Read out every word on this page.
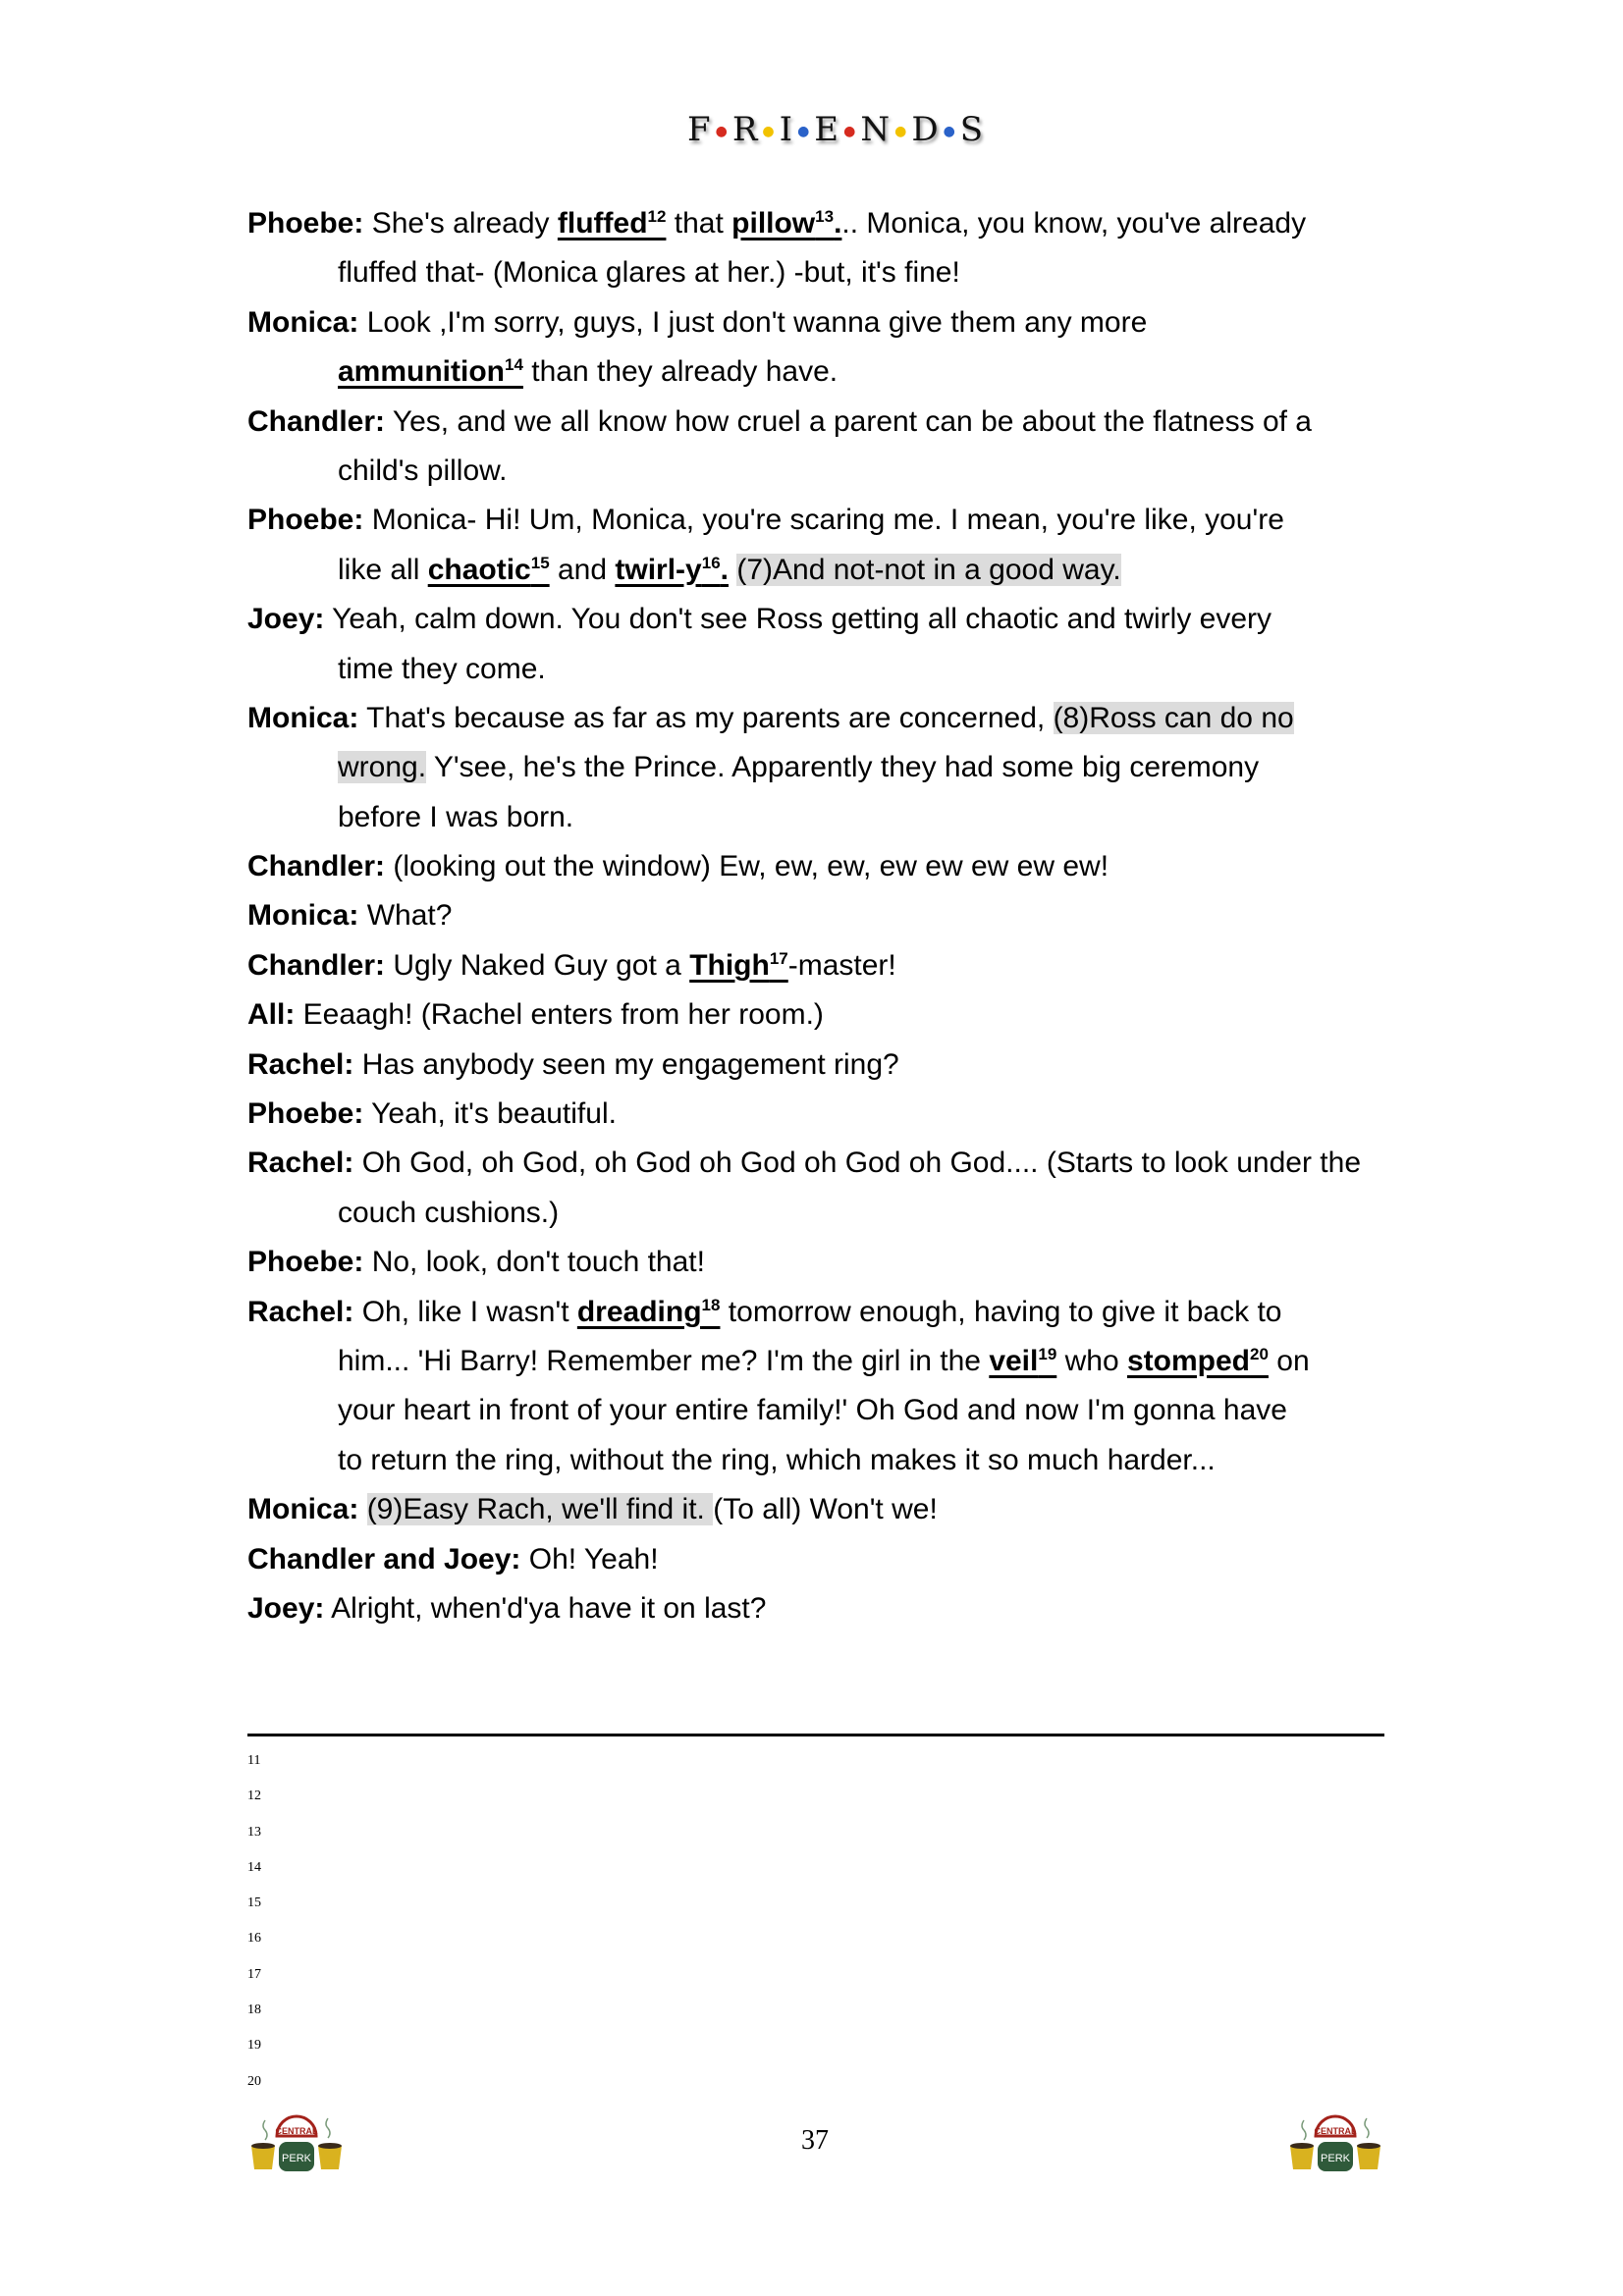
F ●R ●I ●E ●N ●D ●S
Phoebe: She's already fluffed$^{12}$ that pillow$^{13}$... Monica, you know, you've already
fluffed that- (Monica glares at her.) -but, it's fine!
Monica: Look ,I'm sorry, guys, I just don't wanna give them any more
ammunition$^{14}$ than they already have.
Chandler: Yes, and we all know how cruel a parent can be about the flatness of a
child's pillow.
Phoebe: Monica- Hi! Um, Monica, you're scaring me. I mean, you're like, you're
like all chaotic$^{15}$ and twirl-$y^{16}$. (7)And not-not in a good way.
Joey: Yeah, calm down. You don't see Ross getting all chaotic and twirly every
time they come.
Monica: That's because as far as my parents are concerned, (8)Ross can do no
wrong. Y'see, he's the Prince. Apparently they had some big ceremony
before I was born.
Chandler: (looking out the window) Ew, ew, ew, ew ew ew ew ew!
Monica: What?
Chandler: Ugly Naked Guy got a Thigh$^{17}$-master!
All: Eeaagh! (Rachel enters from her room.)
Rachel: Has anybody seen my engagement ring?
Phoebe: Yeah, it's beautiful.
Rachel: Oh God, oh God, oh God oh God oh God oh God.... (Starts to look under the
couch cushions.)
Phoebe: No, look, don't touch that!
Rachel: Oh, like I wasn't dreading$^{18}$ tomorrow enough, having to give it back to
him... 'Hi Barry! Remember me? I'm the girl in the veil$^{19}$ who stomped$^{20}$ on
your heart in front of your entire family!' Oh God and now I'm gonna have
to return the ring, without the ring, which makes it so much harder...
Monica: (9)Easy Rach, we'll find it. (To all) Won't we!
Chandler and Joey: Oh! Yeah!
Joey: Alright, when'd'ya have it on last?
11
12
13
14
15
16
17
18
19
20
37
CENTRAL
PERK
CENTRAL
PERK
